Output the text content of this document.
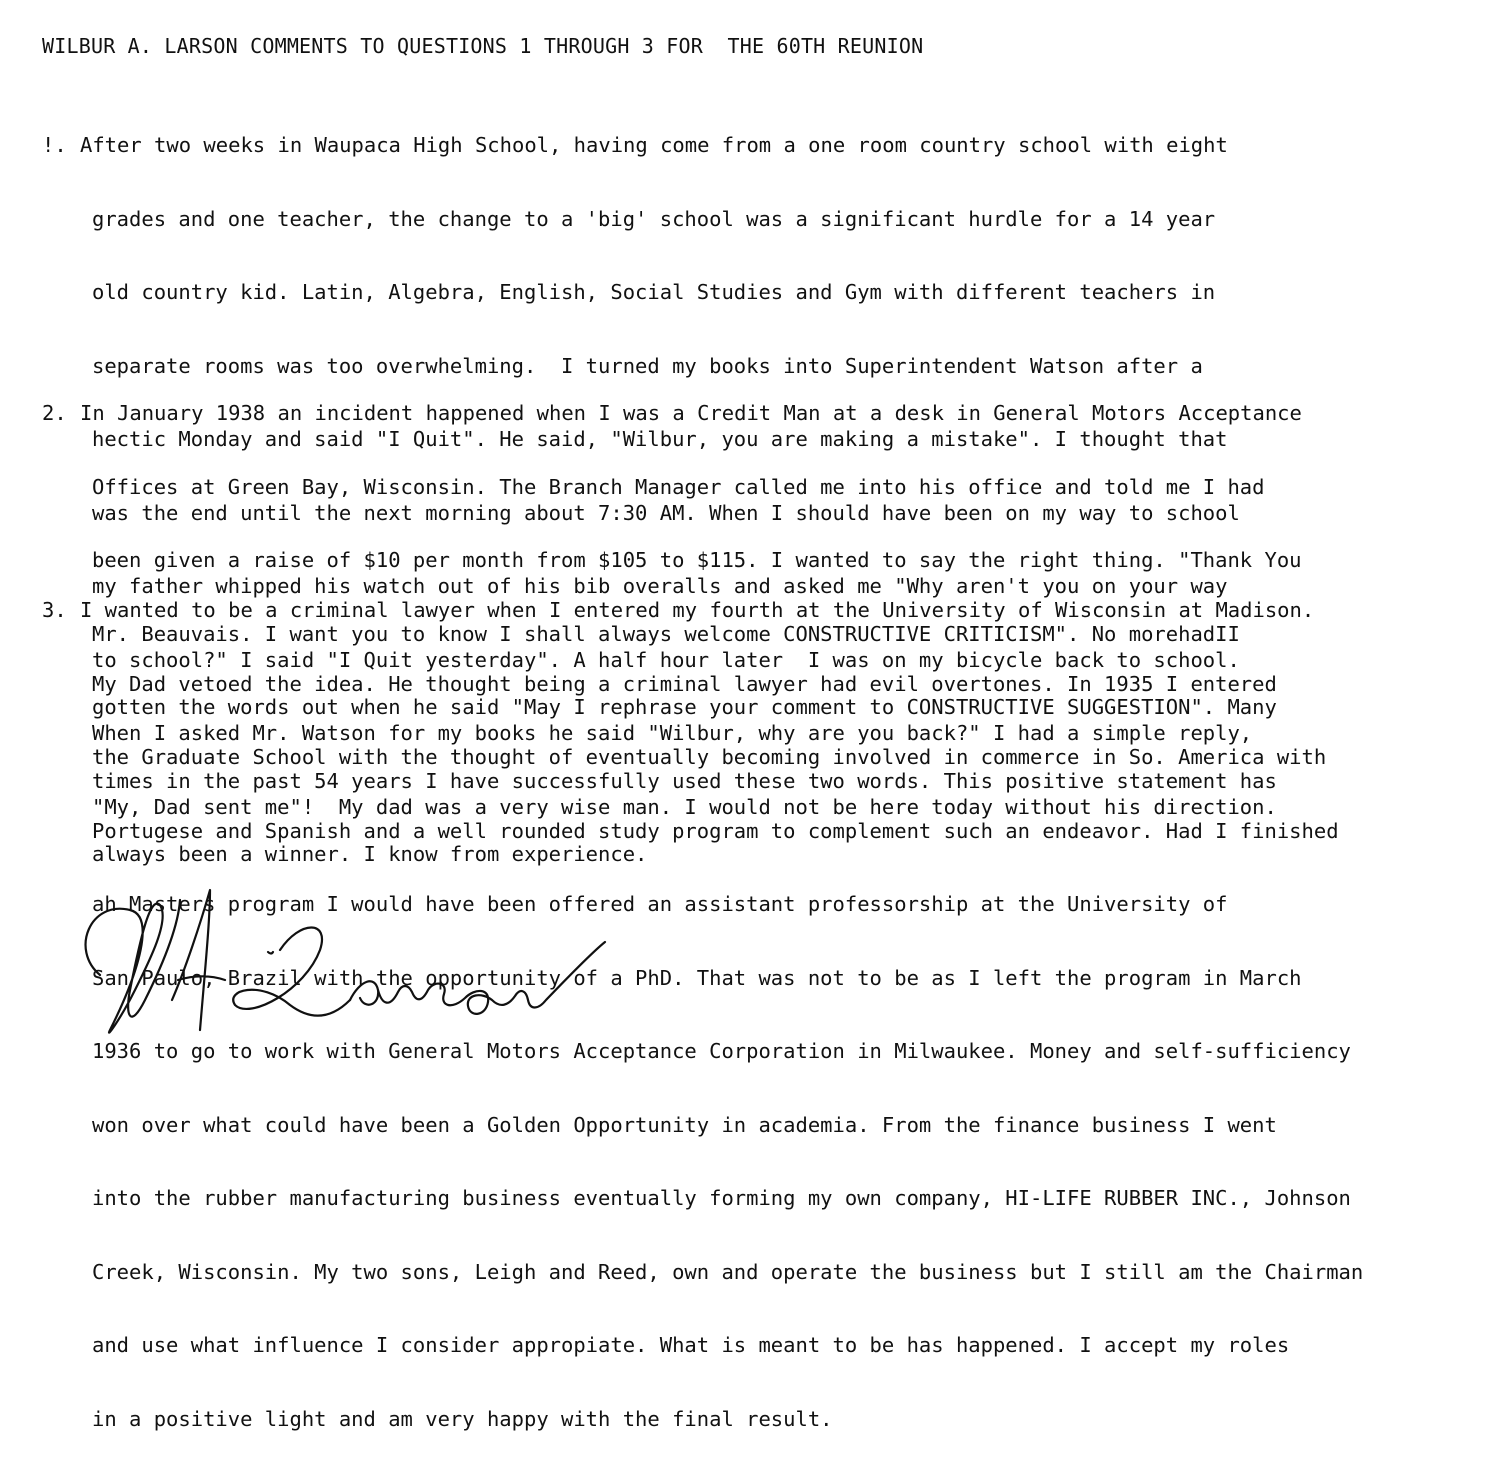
WILBUR A. LARSON COMMENTS TO QUESTIONS 1 THROUGH 3 FOR  THE 60TH REUNION

!. After two weeks in Waupaca High School, having come from a one room country school with eight

grades and one teacher, the change to a 'big' school was a significant hurdle for a 14 year

old country kid. Latin, Algebra, English, Social Studies and Gym with different teachers in

separate rooms was too overwhelming.  I turned my books into Superintendent Watson after a

hectic Monday and said "I Quit". He said, "Wilbur, you are making a mistake". I thought that

was the end until the next morning about 7:30 AM. When I should have been on my way to school

my father whipped his watch out of his bib overalls and asked me "Why aren't you on your way

to school?" I said "I Quit yesterday". A half hour later  I was on my bicycle back to school.

When I asked Mr. Watson for my books he said "Wilbur, why are you back?" I had a simple reply,

"My, Dad sent me"!  My dad was a very wise man. I would not be here today without his direction.

2. In January 1938 an incident happened when I was a Credit Man at a desk in General Motors Acceptance

Offices at Green Bay, Wisconsin. The Branch Manager called me into his office and told me I had

been given a raise of $10 per month from $105 to $115. I wanted to say the right thing. "Thank You

Mr. Beauvais. I want you to know I shall always welcome CONSTRUCTIVE CRITICISM". No morehadII

gotten the words out when he said "May I rephrase your comment to CONSTRUCTIVE SUGGESTION". Many

times in the past 54 years I have successfully used these two words. This positive statement has

always been a winner. I know from experience.

3. I wanted to be a criminal lawyer when I entered my fourth at the University of Wisconsin at Madison.

My Dad vetoed the idea. He thought being a criminal lawyer had evil overtones. In 1935 I entered

the Graduate School with the thought of eventually becoming involved in commerce in So. America with

Portugese and Spanish and a well rounded study program to complement such an endeavor. Had I finished

ah Masters program I would have been offered an assistant professorship at the University of

San Paulo, Brazil with the opportunity of a PhD. That was not to be as I left the program in March

1936 to go to work with General Motors Acceptance Corporation in Milwaukee. Money and self-sufficiency

won over what could have been a Golden Opportunity in academia. From the finance business I went

into the rubber manufacturing business eventually forming my own company, HI-LIFE RUBBER INC., Johnson

Creek, Wisconsin. My two sons, Leigh and Reed, own and operate the business but I still am the Chairman

and use what influence I consider appropiate. What is meant to be has happened. I accept my roles

in a positive light and am very happy with the final result.
